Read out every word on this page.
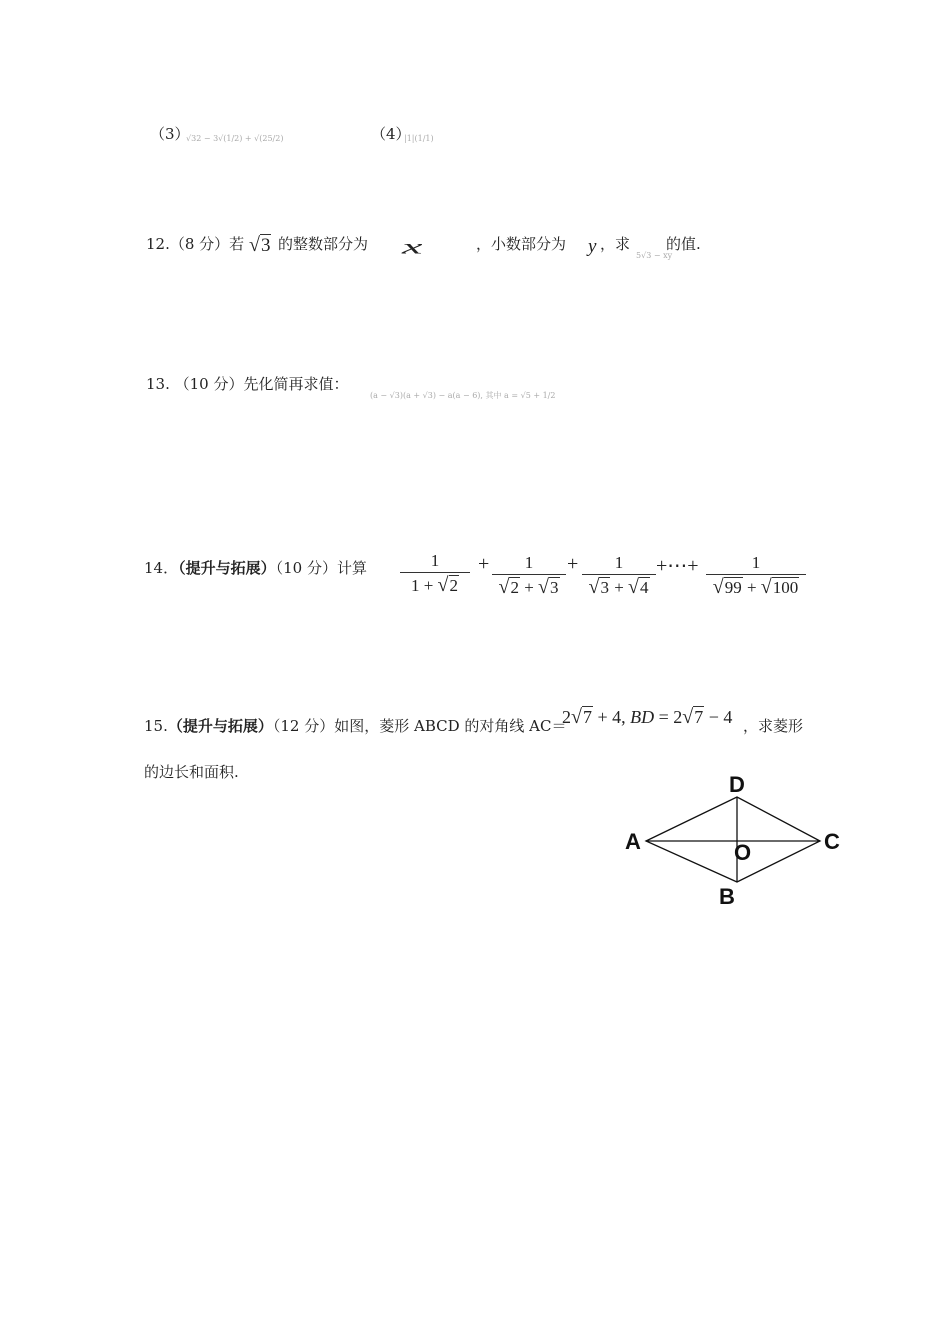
（3）
√32 − 3√(1/2) + √(25/2)	（4）
|1|(1/1)
12.（8 分）若 √3 的整数部分为 x	，小数部分为 y ，求
5√3 − xy
的值.
13. （10 分）先化简再求值：
(a − √3)(a + √3) − a(a − 6), 其中 a = √5 + 1/2
14．（提升与拓展）（10 分）计算	1
1 + √2
+	1
√2 + √3
+	1
√3 + √4
+⋯+	1
√99 + √100
15.（提升与拓展）（12 分）如图，菱形 ABCD 的对角线 AC＝
2√7 + 4, BD = 2√7 − 4 ，求菱形
的边长和面积.
A
D
C
B
O
